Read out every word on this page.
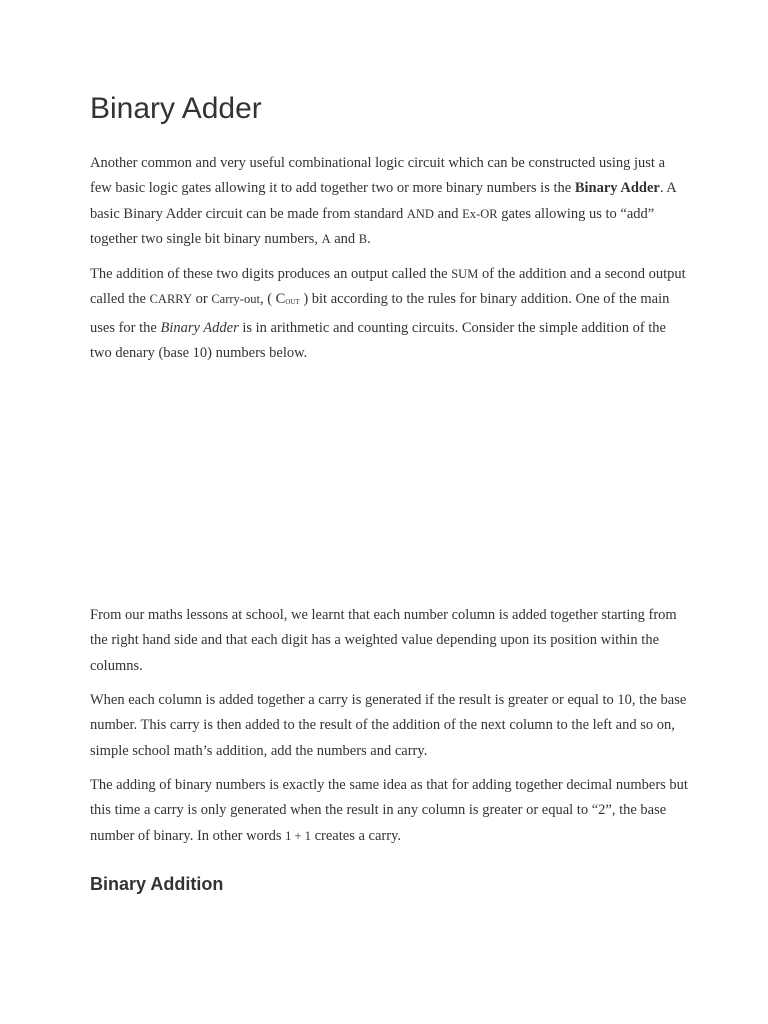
Binary Adder

Another common and very useful combinational logic circuit which can be constructed using just a few basic logic gates allowing it to add together two or more binary numbers is the Binary Adder. A basic Binary Adder circuit can be made from standard AND and Ex-OR gates allowing us to “add” together two single bit binary numbers, A and B.

The addition of these two digits produces an output called the SUM of the addition and a second output called the CARRY or Carry-out, ( COUT ) bit according to the rules for binary addition. One of the main uses for the Binary Adder is in arithmetic and counting circuits. Consider the simple addition of the two denary (base 10) numbers below.

From our maths lessons at school, we learnt that each number column is added together starting from the right hand side and that each digit has a weighted value depending upon its position within the columns.

When each column is added together a carry is generated if the result is greater or equal to 10, the base number. This carry is then added to the result of the addition of the next column to the left and so on, simple school math’s addition, add the numbers and carry.

The adding of binary numbers is exactly the same idea as that for adding together decimal numbers but this time a carry is only generated when the result in any column is greater or equal to “2”, the base number of binary. In other words 1 + 1 creates a carry.

Binary Addition
